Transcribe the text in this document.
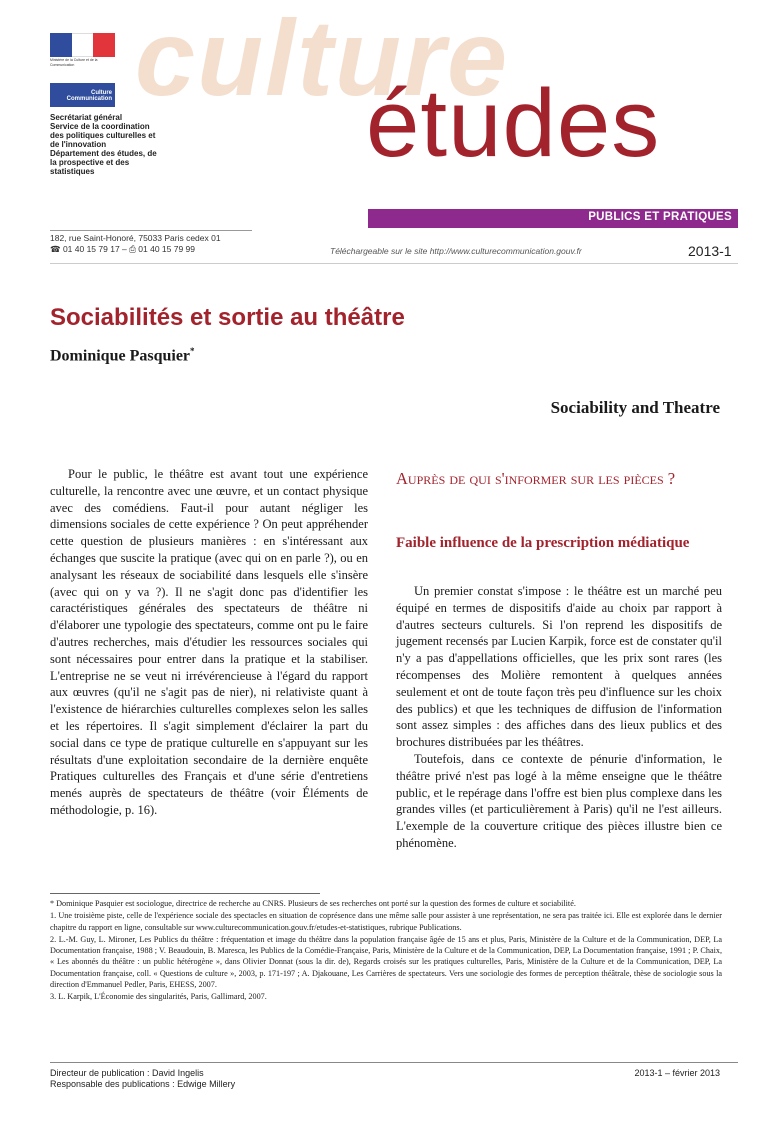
Ministère de la Culture et de la Communication
Culture Communication

Secrétariat général

Service de la coordination des politiques culturelles et de l'innovation

Département des études, de la prospective et des statistiques

culture
études
PUBLICS ET PRATIQUES
182, rue Saint-Honoré, 75033 Paris cedex 01
☎ 01 40 15 79 17 – ⎙ 01 40 15 79 99	Téléchargeable sur le site http://www.culturecommunication.gouv.fr	2013-1
Sociabilités et sortie au théâtre
Dominique Pasquier*
Sociability and Theatre

Pour le public, le théâtre est avant tout une expérience culturelle, la rencontre avec une œuvre, et un contact physique avec des comédiens. Faut-il pour autant négliger les dimensions sociales de cette expérience ? On peut appréhender cette question de plusieurs manières : en s'intéressant aux échanges que suscite la pratique (avec qui on en parle ?), ou en analysant les réseaux de sociabilité dans lesquels elle s'insère (avec qui on y va ?). Il ne s'agit donc pas d'identifier les caractéristiques générales des spectateurs de théâtre ni d'élaborer une typologie des spectateurs, comme ont pu le faire d'autres recherches, mais d'étudier les ressources sociales qui sont nécessaires pour entrer dans la pratique et la stabiliser. L'entreprise ne se veut ni irrévérencieuse à l'égard du rapport aux œuvres (qu'il ne s'agit pas de nier), ni relativiste quant à l'existence de hiérarchies culturelles complexes selon les salles et les répertoires. Il s'agit simplement d'éclairer la part du social dans ce type de pratique culturelle en s'appuyant sur les résultats d'une exploitation secondaire de la dernière enquête Pratiques culturelles des Français et d'une série d'entretiens menés auprès de spectateurs de théâtre (voir Éléments de méthodologie, p. 16).

Auprès de qui s'informer sur les pièces ?
Faible influence de la prescription médiatique

Un premier constat s'impose : le théâtre est un marché peu équipé en termes de dispositifs d'aide au choix par rapport à d'autres secteurs culturels. Si l'on reprend les dispositifs de jugement recensés par Lucien Karpik, force est de constater qu'il n'y a pas d'appellations officielles, que les prix sont rares (les récompenses des Molière remontent à quelques années seulement et ont de toute façon très peu d'influence sur les choix des publics) et que les techniques de diffusion de l'information sont assez simples : des affiches dans des lieux publics et des brochures distribuées par les théâtres.

Toutefois, dans ce contexte de pénurie d'information, le théâtre privé n'est pas logé à la même enseigne que le théâtre public, et le repérage dans l'offre est bien plus complexe dans les grandes villes (et particulièrement à Paris) qu'il ne l'est ailleurs. L'exemple de la couverture critique des pièces illustre bien ce phénomène.

* Dominique Pasquier est sociologue, directrice de recherche au CNRS. Plusieurs de ses recherches ont porté sur la question des formes de culture et sociabilité.

1. Une troisième piste, celle de l'expérience sociale des spectacles en situation de coprésence dans une même salle pour assister à une représentation, ne sera pas traitée ici. Elle est explorée dans le dernier chapitre du rapport en ligne, consultable sur www.culturecommunication.gouv.fr/etudes-et-statistiques, rubrique Publications.

2. L.-M. Guy, L. Mironer, Les Publics du théâtre : fréquentation et image du théâtre dans la population française âgée de 15 ans et plus, Paris, Ministère de la Culture et de la Communication, DEP, La Documentation française, 1988 ; V. Beaudouin, B. Maresca, les Publics de la Comédie-Française, Paris, Ministère de la Culture et de la Communication, DEP, La Documentation française, 1991 ; P. Chaix, « Les abonnés du théâtre : un public hétérogène », dans Olivier Donnat (sous la dir. de), Regards croisés sur les pratiques culturelles, Paris, Ministère de la Culture et de la Communication, DEP, La Documentation française, coll. « Questions de culture », 2003, p. 171-197 ; A. Djakouane, Les Carrières de spectateurs. Vers une sociologie des formes de perception théâtrale, thèse de sociologie sous la direction d'Emmanuel Pedler, Paris, EHESS, 2007.

3. L. Karpik, L'Économie des singularités, Paris, Gallimard, 2007.

Directeur de publication : David Ingelis
Responsable des publications : Edwige Millery
2013-1 – février 2013
